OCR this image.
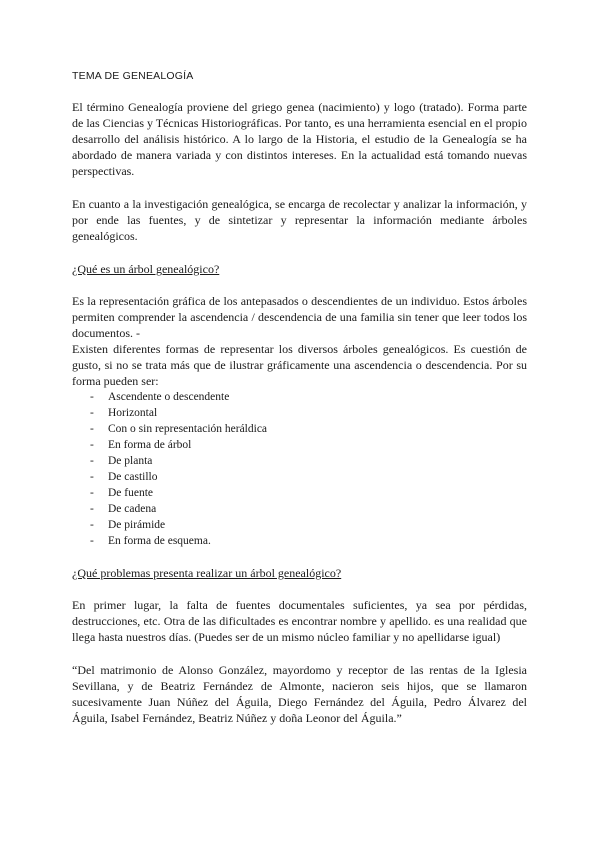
TEMA DE GENEALOGÍA

El término Genealogía proviene del griego genea (nacimiento) y logo (tratado). Forma parte de las Ciencias y Técnicas Historiográficas. Por tanto, es una herramienta esencial en el propio desarrollo del análisis histórico. A lo largo de la Historia, el estudio de la Genealogía se ha abordado de manera variada y con distintos intereses. En la actualidad está tomando nuevas perspectivas.

En cuanto a la investigación genealógica, se encarga de recolectar y analizar la información, y por ende las fuentes, y de sintetizar y representar la información mediante árboles genealógicos.

¿Qué es un árbol genealógico?

Es la representación gráfica de los antepasados o descendientes de un individuo. Estos árboles permiten comprender la ascendencia / descendencia de una familia sin tener que leer todos los documentos. -

Existen diferentes formas de representar los diversos árboles genealógicos. Es cuestión de gusto, si no se trata más que de ilustrar gráficamente una ascendencia o descendencia. Por su forma pueden ser:

- Ascendente o descendente
- Horizontal
- Con o sin representación heráldica
- En forma de árbol
- De planta
- De castillo
- De fuente
- De cadena
- De pirámide
- En forma de esquema.

¿Qué problemas presenta realizar un árbol genealógico?

En primer lugar, la falta de fuentes documentales suficientes, ya sea por pérdidas, destrucciones, etc. Otra de las dificultades es encontrar nombre y apellido. es una realidad que llega hasta nuestros días. (Puedes ser de un mismo núcleo familiar y no apellidarse igual)

“Del matrimonio de Alonso González, mayordomo y receptor de las rentas de la Iglesia Sevillana, y de Beatriz Fernández de Almonte, nacieron seis hijos, que se llamaron sucesivamente Juan Núñez del Águila, Diego Fernández del Águila, Pedro Álvarez del Águila, Isabel Fernández, Beatriz Núñez y doña Leonor del Águila.”
